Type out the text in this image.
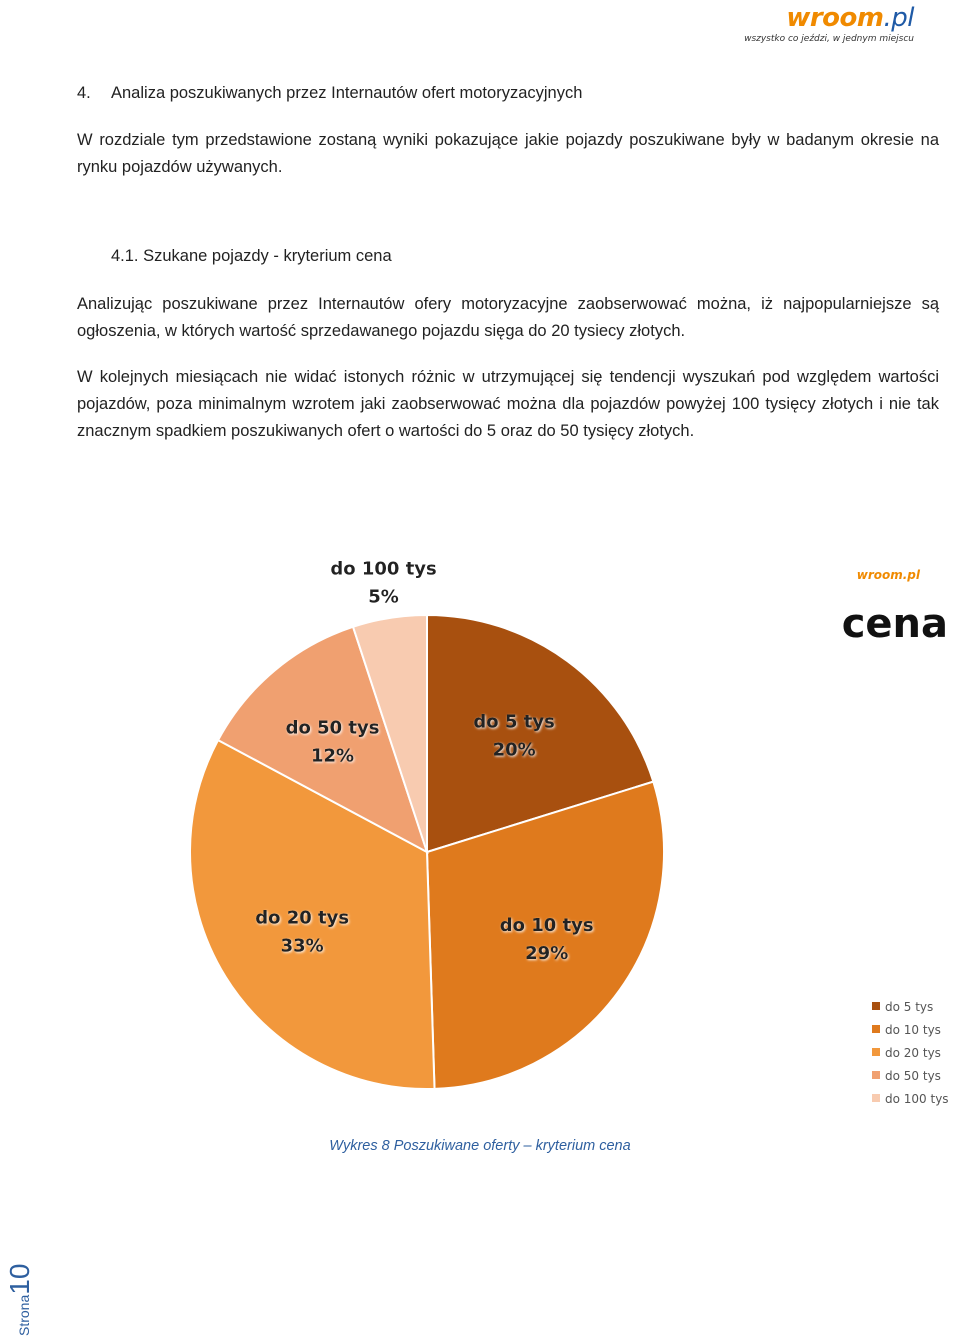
wroom.pl
wszystko co jeździ, w jednym miejscu
4. Analiza poszukiwanych przez Internautów ofert motoryzacyjnych
W rozdziale tym przedstawione zostaną wyniki pokazujące jakie pojazdy poszukiwane były w badanym okresie na rynku pojazdów używanych.
4.1. Szukane pojazdy - kryterium cena
Analizując poszukiwane przez Internautów ofery motoryzacyjne zaobserwować można, iż najpopularniejsze są ogłoszenia, w których wartość sprzedawanego pojazdu sięga do 20 tysiecy złotych.
W kolejnych miesiącach nie widać istonych różnic w utrzymującej się tendencji wyszukań pod względem wartości pojazdów, poza minimalnym wzrotem jaki zaobserwować można dla pojazdów powyżej 100 tysięcy złotych i nie tak znacznym spadkiem poszukiwanych ofert o wartości do 5 oraz do 50 tysięcy złotych.
do 5 tys
20%
do 10 tys
29%
do 20 tys
33%
do 50 tys
12%
do 100 tys
5%
wroom.pl
cena
do 5 tys
do 10 tys
do 20 tys
do 50 tys
do 100 tys
Wykres 8 Poszukiwane oferty – kryterium cena
Strona10
